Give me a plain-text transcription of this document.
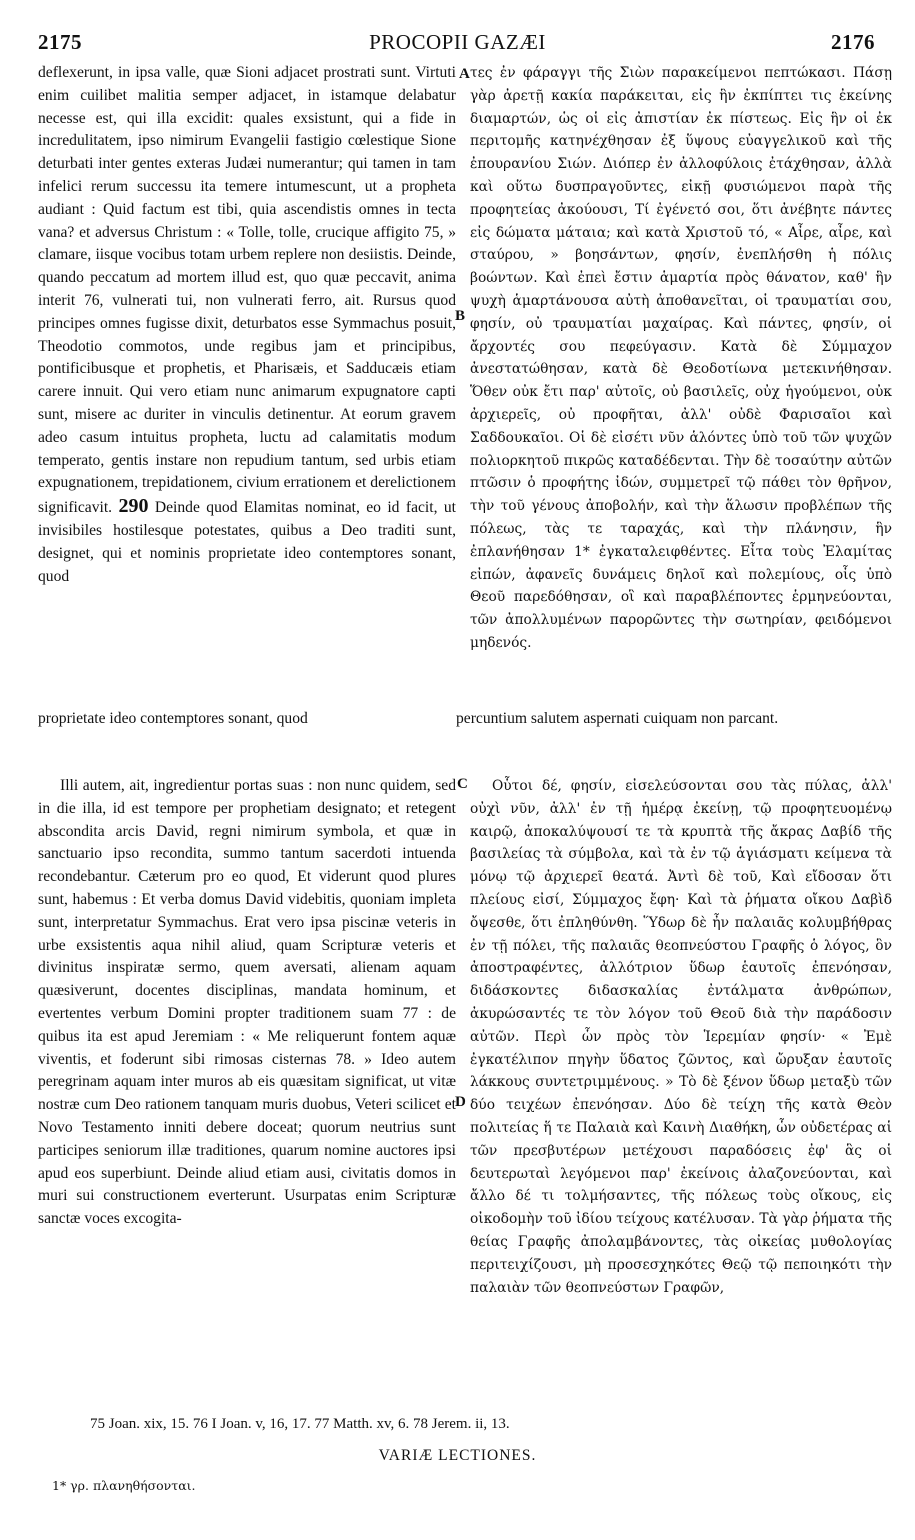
2175	PROCOPII GAZÆI	2176

deflexerunt, in ipsa valle, quæ Sioni adjacet prostrati sunt. Virtuti enim cuilibet malitia semper adjacet, in istamque delabatur necesse est, qui illa excidit: quales exsistunt, qui a fide in incredulitatem, ipso nimirum Evangelii fastigio cœlestique Sione deturbati inter gentes exteras Judæi numerantur; qui tamen in tam infelici rerum successu ita temere intumescunt, ut a propheta audiant : Quid factum est tibi, quia ascendistis omnes in tecta vana? et adversus Christum : « Tolle, tolle, crucique affigito 75, » clamare, iisque vocibus totam urbem replere non desiistis. Deinde, quando peccatum ad mortem illud est, quo quæ peccavit, anima interit 76, vulnerati tui, non vulnerati ferro, ait. Rursus quod principes omnes fugisse dixit, deturbatos esse Symmachus posuit, Theodotio commotos, unde regibus jam et principibus, pontificibusque et prophetis, et Pharisæis, et Sadducæis etiam carere innuit. Qui vero etiam nunc animarum expugnatore capti sunt, misere ac duriter in vinculis detinentur. At eorum gravem adeo casum intuitus propheta, luctu ad calamitatis modum temperato, gentis instare non repudium tantum, sed urbis etiam expugnationem, trepidationem, civium errationem et derelictionem significavit. 290 Deinde quod Elamitas nominat, eo id facit, ut invisibiles hostilesque potestates, quibus a Deo traditi sunt, designet, qui et nominis proprietate ideo contemptores sonant, quod

A
B
C
D

τες ἐν φάραγγι τῆς Σιὼν παρακείμενοι πεπτώκασι. Πάσῃ γὰρ ἀρετῇ κακία παράκειται, εἰς ἣν ἐκπίπτει τις ἐκείνης διαμαρτών, ὡς οἱ εἰς ἀπιστίαν ἐκ πίστεως. Εἰς ἣν οἱ ἐκ περιτομῆς κατηνέχθησαν ἐξ ὕψους εὐαγγελικοῦ καὶ τῆς ἐπουρανίου Σιών. Διόπερ ἐν ἀλλοφύλοις ἐτάχθησαν, ἀλλὰ καὶ οὕτω δυσπραγοῦντες, εἰκῇ φυσιώμενοι παρὰ τῆς προφητείας ἀκούουσι, Τί ἐγένετό σοι, ὅτι ἀνέβητε πάντες εἰς δώματα μάταια; καὶ κατὰ Χριστοῦ τό, « Αἶρε, αἶρε, καὶ σταύρου, » βοησάντων, φησίν, ἐνεπλήσθη ἡ πόλις βοώντων. Καὶ ἐπεὶ ἔστιν ἁμαρτία πρὸς θάνατον, καθ' ἣν ψυχὴ ἁμαρτάνουσα αὐτὴ ἀποθανεῖται, οἱ τραυματίαι σου, φησίν, οὐ τραυματίαι μαχαίρας. Καὶ πάντες, φησίν, οἱ ἄρχοντές σου πεφεύγασιν. Κατὰ δὲ Σύμμαχον ἀνεστατώθησαν, κατὰ δὲ Θεοδοτίωνα μετεκινήθησαν. Ὅθεν οὐκ ἔτι παρ' αὐτοῖς, οὐ βασιλεῖς, οὐχ ἡγούμενοι, οὐκ ἀρχιερεῖς, οὐ προφῆται, ἀλλ' οὐδὲ Φαρισαῖοι καὶ Σαδδουκαῖοι. Οἱ δὲ εἰσέτι νῦν ἁλόντες ὑπὸ τοῦ τῶν ψυχῶν πολιορκητοῦ πικρῶς καταδέδενται. Τὴν δὲ τοσαύτην αὐτῶν πτῶσιν ὁ προφήτης ἰδών, συμμετρεῖ τῷ πάθει τὸν θρῆνον, τὴν τοῦ γένους ἀποβολήν, καὶ τὴν ἅλωσιν προβλέπων τῆς πόλεως, τὰς τε ταραχάς, καὶ τὴν πλάνησιν, ἣν ἐπλανήθησαν 1* ἐγκαταλειφθέντες. Εἶτα τοὺς Ἐλαμίτας εἰπών, ἀφανεῖς δυνάμεις δηλοῖ καὶ πολεμίους, οἷς ὑπὸ Θεοῦ παρεδόθησαν, οἳ καὶ παραβλέποντες ἑρμηνεύονται, τῶν ἀπολλυμένων παρορῶντες τὴν σωτηρίαν, φειδόμενοι μηδενός.

proprietate ideo contemptores sonant, quod	percuntium salutem aspernati cuiquam non parcant.

Illi autem, ait, ingredientur portas suas : non nunc quidem, sed in die illa, id est tempore per prophetiam designato; et retegent abscondita arcis David, regni nimirum symbola, et quæ in sanctuario ipso recondita, summo tantum sacerdoti intuenda recondebantur. Cæterum pro eo quod, Et viderunt quod plures sunt, habemus : Et verba domus David videbitis, quoniam impleta sunt, interpretatur Symmachus. Erat vero ipsa piscinæ veteris in urbe exsistentis aqua nihil aliud, quam Scripturæ veteris et divinitus inspiratæ sermo, quem aversati, alienam aquam quæsiverunt, docentes disciplinas, mandata hominum, et evertentes verbum Domini propter traditionem suam 77 : de quibus ita est apud Jeremiam : « Me reliquerunt fontem aquæ viventis, et foderunt sibi rimosas cisternas 78. » Ideo autem peregrinam aquam inter muros ab eis quæsitam significat, ut vitæ nostræ cum Deo rationem tanquam muris duobus, Veteri scilicet et Novo Testamento inniti debere doceat; quorum neutrius sunt participes seniorum illæ traditiones, quarum nomine auctores ipsi apud eos superbiunt. Deinde aliud etiam ausi, civitatis domos in muri sui constructionem everterunt. Usurpatas enim Scripturæ sanctæ voces excogita-

Οὗτοι δέ, φησίν, εἰσελεύσονται σου τὰς πύλας, ἀλλ' οὐχὶ νῦν, ἀλλ' ἐν τῇ ἡμέρᾳ ἐκείνῃ, τῷ προφητευομένῳ καιρῷ, ἀποκαλύψουσί τε τὰ κρυπτὰ τῆς ἄκρας Δαβίδ τῆς βασιλείας τὰ σύμβολα, καὶ τὰ ἐν τῷ ἁγιάσματι κείμενα τὰ μόνῳ τῷ ἀρχιερεῖ θεατά. Ἀντὶ δὲ τοῦ, Καὶ εἴδοσαν ὅτι πλείους εἰσί, Σύμμαχος ἔφη· Καὶ τὰ ῥήματα οἴκου Δαβὶδ ὄψεσθε, ὅτι ἐπληθύνθη. Ὕδωρ δὲ ἦν παλαιᾶς κολυμβήθρας ἐν τῇ πόλει, τῆς παλαιᾶς θεοπνεύστου Γραφῆς ὁ λόγος, ὃν ἀποστραφέντες, ἀλλότριον ὕδωρ ἑαυτοῖς ἐπενόησαν, διδάσκοντες διδασκαλίας ἐντάλματα ἀνθρώπων, ἀκυρώσαντές τε τὸν λόγον τοῦ Θεοῦ διὰ τὴν παράδοσιν αὐτῶν. Περὶ ὧν πρὸς τὸν Ἱερεμίαν φησίν· « Ἐμὲ ἐγκατέλιπον πηγὴν ὕδατος ζῶντος, καὶ ὤρυξαν ἑαυτοῖς λάκκους συντετριμμένους. » Τὸ δὲ ξένον ὕδωρ μεταξὺ τῶν δύο τειχέων ἐπενόησαν. Δύο δὲ τείχη τῆς κατὰ Θεὸν πολιτείας ἥ τε Παλαιὰ καὶ Καινὴ Διαθήκη, ὧν οὐδετέρας αἱ τῶν πρεσβυτέρων μετέχουσι παραδόσεις ἐφ' ἃς οἱ δευτερωταὶ λεγόμενοι παρ' ἐκείνοις ἀλαζονεύονται, καὶ ἄλλο δέ τι τολμήσαντες, τῆς πόλεως τοὺς οἴκους, εἰς οἰκοδομὴν τοῦ ἰδίου τείχους κατέλυσαν. Τὰ γὰρ ῥήματα τῆς θείας Γραφῆς ἀπολαμβάνοντες, τὰς οἰκείας μυθολογίας περιτειχίζουσι, μὴ προσεσχηκότες Θεῷ τῷ πεποιηκότι τὴν παλαιὰν τῶν θεοπνεύστων Γραφῶν,

75 Joan. xix, 15. 76 I Joan. v, 16, 17. 77 Matth. xv, 6. 78 Jerem. ii, 13.
VARIÆ LECTIONES.
1* γρ. πλανηθήσονται.
